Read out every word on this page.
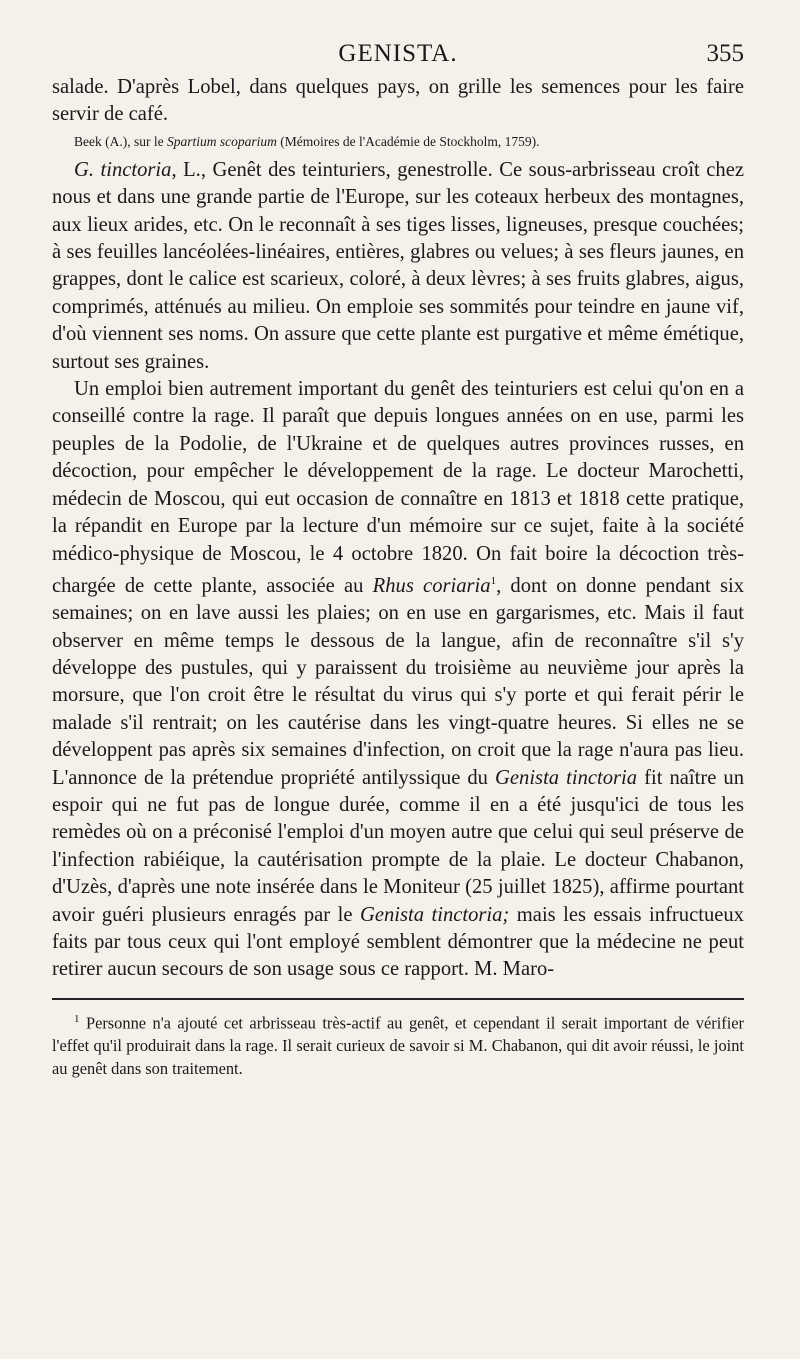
GENISTA.	355

salade. D'après Lobel, dans quelques pays, on grille les semences pour les faire servir de café.

Beek (A.), sur le Spartium scoparium (Mémoires de l'Académie de Stockholm, 1759).

G. tinctoria, L., Genêt des teinturiers, genestrolle. Ce sous-arbrisseau croît chez nous et dans une grande partie de l'Europe, sur les coteaux herbeux des montagnes, aux lieux arides, etc. On le reconnaît à ses tiges lisses, ligneuses, presque couchées; à ses feuilles lancéolées-linéaires, entières, glabres ou velues; à ses fleurs jaunes, en grappes, dont le calice est scarieux, coloré, à deux lèvres; à ses fruits glabres, aigus, comprimés, atténués au milieu. On emploie ses sommités pour teindre en jaune vif, d'où viennent ses noms. On assure que cette plante est purgative et même émétique, surtout ses graines.

Un emploi bien autrement important du genêt des teinturiers est celui qu'on en a conseillé contre la rage. Il paraît que depuis longues années on en use, parmi les peuples de la Podolie, de l'Ukraine et de quelques autres provinces russes, en décoction, pour empêcher le développement de la rage. Le docteur Marochetti, médecin de Moscou, qui eut occasion de connaître en 1813 et 1818 cette pratique, la répandit en Europe par la lecture d'un mémoire sur ce sujet, faite à la société médico-physique de Moscou, le 4 octobre 1820. On fait boire la décoction très-chargée de cette plante, associée au Rhus coriaria$^1$, dont on donne pendant six semaines; on en lave aussi les plaies; on en use en gargarismes, etc. Mais il faut observer en même temps le dessous de la langue, afin de reconnaître s'il s'y développe des pustules, qui y paraissent du troisième au neuvième jour après la morsure, que l'on croit être le résultat du virus qui s'y porte et qui ferait périr le malade s'il rentrait; on les cautérise dans les vingt-quatre heures. Si elles ne se développent pas après six semaines d'infection, on croit que la rage n'aura pas lieu. L'annonce de la prétendue propriété antilyssique du Genista tinctoria fit naître un espoir qui ne fut pas de longue durée, comme il en a été jusqu'ici de tous les remèdes où on a préconisé l'emploi d'un moyen autre que celui qui seul préserve de l'infection rabiéique, la cautérisation prompte de la plaie. Le docteur Chabanon, d'Uzès, d'après une note insérée dans le Moniteur (25 juillet 1825), affirme pourtant avoir guéri plusieurs enragés par le Genista tinctoria; mais les essais infructueux faits par tous ceux qui l'ont employé semblent démontrer que la médecine ne peut retirer aucun secours de son usage sous ce rapport. M. Maro-

$^1$ Personne n'a ajouté cet arbrisseau très-actif au genêt, et cependant il serait important de vérifier l'effet qu'il produirait dans la rage. Il serait curieux de savoir si M. Chabanon, qui dit avoir réussi, le joint au genêt dans son traitement.
